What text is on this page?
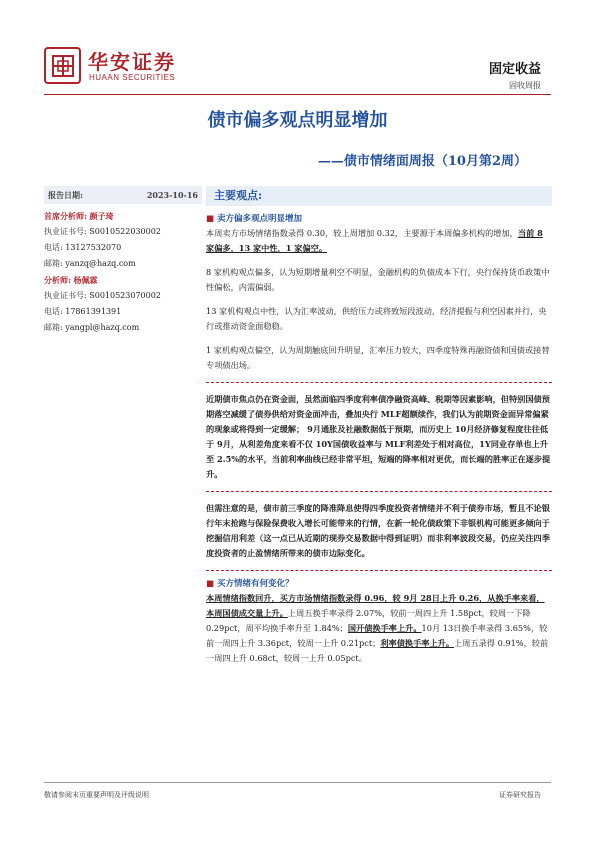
华安证券
HUAAN SECURITIES
固定收益
固收周报
债市偏多观点明显增加
——债市情绪面周报（10月第2周）
报告日期:	2023-10-16
首席分析师: 颜子琦
执业证书号: S0010522030002
电话: 13127532070
邮箱: yanzq@hazq.com
分析师: 杨佩霖
执业证书号: S0010523070002
电话: 17861391391
邮箱: yangpl@hazq.com
主要观点:
■ 卖方偏多观点明显增加
本周卖方市场情绪指数录得 0.30，较上周增加 0.32，主要源于本周偏多机构的增加，当前 8 家偏多，13 家中性，1 家偏空。
8 家机构观点偏多，认为短期增量利空不明显，金融机构的负债成本下行，央行保持货币政策中性偏松，内需偏弱。
13 家机构观点中性，认为汇率波动，供给压力或将致短段波动，经济提振与利空因素并行，央行或推动资金面稳稳。
1 家机构观点偏空，认为周期触底回升明显，汇率压力较大，四季度特殊再融资债和国债或接替专项债出场。
近期债市焦点仍在资金面，虽然面临四季度利率债净融资高峰、税期等因素影响，但特别国债预期落空减缓了债券供给对资金面冲击，叠加央行 MLF超额续作，我们认为前期资金面异常偏紧的现象或将得到一定缓解； 9月通胀及社融数据低于预期，而历史上 10月经济修复程度往往低于 9月，从利差角度来看不仅 10Y国债收益率与 MLF利差处于相对高位，1Y同业存单也上升至 2.5%的水平，当前利率曲线已经非常平坦，短端的降率相对更优，而长端的胜率正在逐步提升。
但需注意的是，债市前三季度的降准降息使得四季度投资者情绪并不利于债券市场，暂且不论银行年末抢跑与保险保费收入增长可能带来的行情，在新一轮化债政策下非银机构可能更多倾向于挖掘信用利差（这一点已从近期的现券交易数据中得到证明）而非利率波段交易，仍应关注四季度投资者的止盈情绪所带来的债市边际变化。
■ 买方情绪有何变化？
本周情绪指数回升，买方市场情绪指数录得 0.96，较 9月 28日上升 0.26，从换手率来看，本周国债成交量上升。上周五换手率录得 2.07%，较前一周四上升 1.58pct，较周一下降 0.29pct，周平均换手率升至 1.84%；国开债换手率上升。10月 13日换手率录得 3.65%，较前一周四上升 3.36pct，较周一上升 0.21pct；利率债换手率上升。上周五录得 0.91%，较前一周四上升 0.68ct，较周一上升 0.05pct。
敬请参阅末页重要声明及评级说明	证券研究报告
